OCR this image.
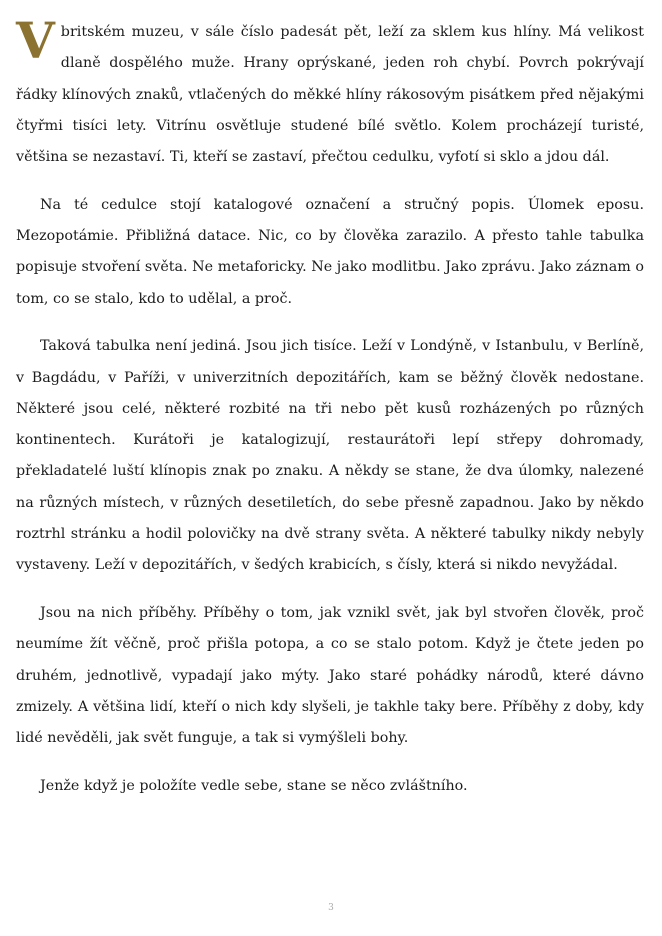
V britském muzeu, v sále číslo padesát pět, leží za sklem kus hlíny. Má velikost dlaně dospělého muže. Hrany oprýskané, jeden roh chybí. Povrch pokrývají řádky klínových znaků, vtlačených do měkké hlíny rákosovým pisátkem před nějakými čtyřmi tisíci lety. Vitrínu osvětluje studené bílé světlo. Kolem procházejí turisté, většina se nezastaví. Ti, kteří se zastaví, přečtou cedulku, vyfotí si sklo a jdou dál.

Na té cedulce stojí katalogové označení a stručný popis. Úlomek eposu. Mezopotámie. Přibližná datace. Nic, co by člověka zarazilo. A přesto tahle tabulka popisuje stvoření světa. Ne metaforicky. Ne jako modlitbu. Jako zprávu. Jako záznam o tom, co se stalo, kdo to udělal, a proč.

Taková tabulka není jediná. Jsou jich tisíce. Leží v Londýně, v Istanbulu, v Berlíně, v Bagdádu, v Paříži, v univerzitních depozitářích, kam se běžný člověk nedostane. Některé jsou celé, některé rozbité na tři nebo pět kusů rozházených po různých kontinentech. Kurátoři je katalogizují, restaurátoři lepí střepy dohromady, překladatelé luští klínopis znak po znaku. A někdy se stane, že dva úlomky, nalezené na různých místech, v různých desetiletích, do sebe přesně zapadnou. Jako by někdo roztrhl stránku a hodil polovičky na dvě strany světa. A některé tabulky nikdy nebyly vystaveny. Leží v depozitářích, v šedých krabicích, s čísly, která si nikdo nevyžádal.

Jsou na nich příběhy. Příběhy o tom, jak vznikl svět, jak byl stvořen člověk, proč neumíme žít věčně, proč přišla potopa, a co se stalo potom. Když je čtete jeden po druhém, jednotlivě, vypadají jako mýty. Jako staré pohádky národů, které dávno zmizely. A většina lidí, kteří o nich kdy slyšeli, je takhle taky bere. Příběhy z doby, kdy lidé nevěděli, jak svět funguje, a tak si vymýšleli bohy.

Jenže když je položíte vedle sebe, stane se něco zvláštního.

3
